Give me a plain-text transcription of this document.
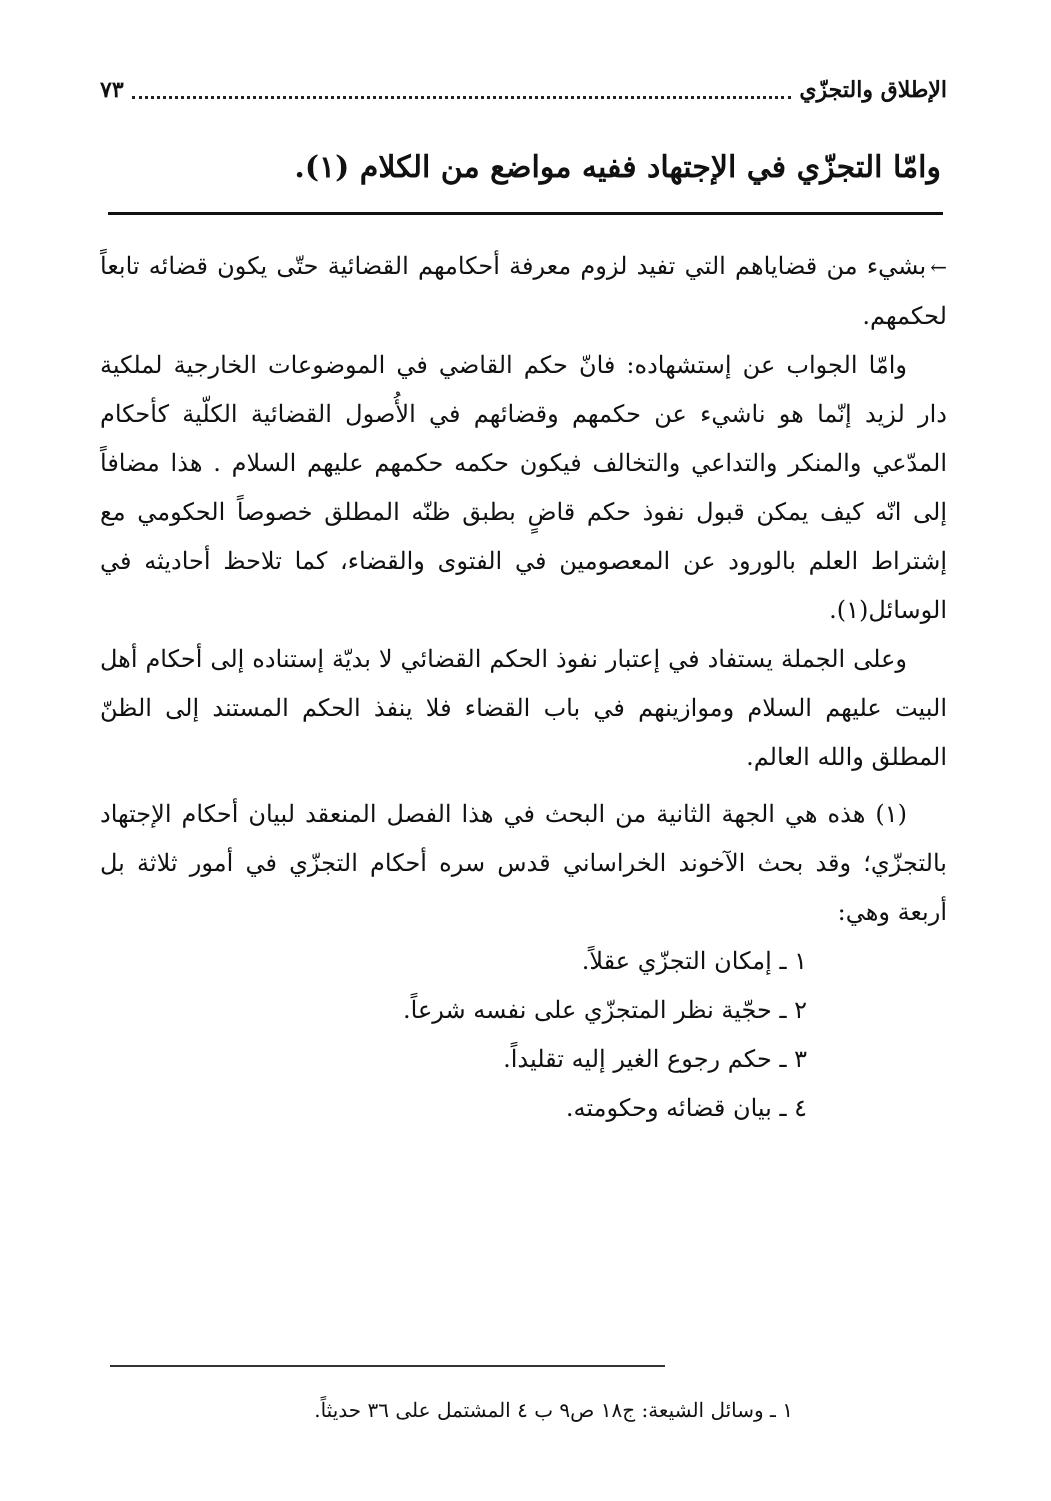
الإطلاق والتجزّي
٧٣
وامّا التجزّي في الإجتهاد ففيه مواضع من الكلام (١).

←بشيء من قضاياهم التي تفيد لزوم معرفة أحكامهم القضائية حتّى يكون قضائه تابعاً لحكمهم.

وامّا الجواب عن إستشهاده: فانّ حكم القاضي في الموضوعات الخارجية لملكية دار لزيد إنّما هو ناشيء عن حكمهم وقضائهم في الأُصول القضائية الكلّية كأحكام المدّعي والمنكر والتداعي والتخالف فيكون حكمه حكمهم عليهم السلام . هذا مضافاً إلى انّه كيف يمكن قبول نفوذ حكم قاضٍ بطبق ظنّه المطلق خصوصاً الحكومي مع إشتراط العلم بالورود عن المعصومين في الفتوى والقضاء، كما تلاحظ أحاديثه في الوسائل(١).

وعلى الجملة يستفاد في إعتبار نفوذ الحكم القضائي لا بديّة إستناده إلى أحكام أهل البيت عليهم السلام وموازينهم في باب القضاء فلا ينفذ الحكم المستند إلى الظنّ المطلق والله العالم.

(١) هذه هي الجهة الثانية من البحث في هذا الفصل المنعقد لبيان أحكام الإجتهاد بالتجزّي؛ وقد بحث الآخوند الخراساني قدس سره أحكام التجزّي في أمور ثلاثة بل أربعة وهي:

١ ـ إمكان التجزّي عقلاً.
٢ ـ حجّية نظر المتجزّي على نفسه شرعاً.
٣ ـ حكم رجوع الغير إليه تقليداً.
٤ ـ بيان قضائه وحكومته.
١ ـ وسائل الشيعة: ج١٨ ص٩ ب ٤ المشتمل على ٣٦ حديثاً.
